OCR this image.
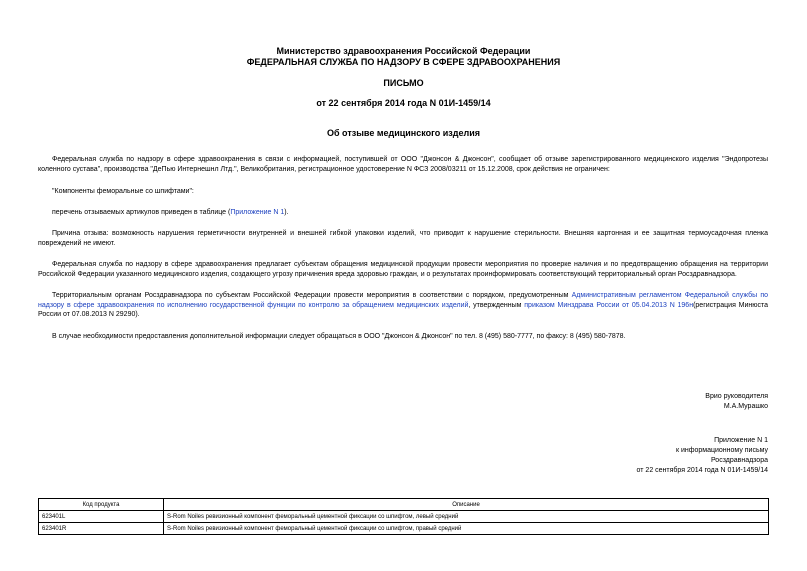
Министерство здравоохранения Российской Федерации
ФЕДЕРАЛЬНАЯ СЛУЖБА ПО НАДЗОРУ В СФЕРЕ ЗДРАВООХРАНЕНИЯ
ПИСЬМО
от 22 сентября 2014 года N 01И-1459/14
Об отзыве медицинского изделия
Федеральная служба по надзору в сфере здравоохранения в связи с информацией, поступившей от ООО "Джонсон & Джонсон", сообщает об отзыве зарегистрированного медицинского изделия "Эндопротезы коленного сустава", производства "ДеПью Интернешнл Лтд.", Великобритания, регистрационное удостоверение N ФСЗ 2008/03211 от 15.12.2008, срок действия не ограничен:
"Компоненты феморальные со шпифтами":
перечень отзываемых артикулов приведен в таблице (Приложение N 1).
Причина отзыва: возможность нарушения герметичности внутренней и внешней гибкой упаковки изделий, что приводит к нарушение стерильности. Внешняя картонная и ее защитная термоусадочная пленка повреждений не имеют.
Федеральная служба по надзору в сфере здравоохранения предлагает субъектам обращения медицинской продукции провести мероприятия по проверке наличия и по предотвращению обращения на территории Российской Федерации указанного медицинского изделия, создающего угрозу причинения вреда здоровью граждан, и о результатах проинформировать соответствующий территориальный орган Росздравнадзора.
Территориальным органам Росздравнадзора по субъектам Российской Федерации провести мероприятия в соответствии с порядком, предусмотренным Административным регламентом Федеральной службы по надзору в сфере здравоохранения по исполнению государственной функции по контролю за обращением медицинских изделий, утвержденным приказом Минздрава России от 05.04.2013 N 196н(регистрация Минюста России от 07.08.2013 N 29290).
В случае необходимости предоставления дополнительной информации следует обращаться в ООО "Джонсон & Джонсон" по тел. 8 (495) 580-7777, по факсу: 8 (495) 580-7878.
Врио руководителя
М.А.Мурашко
Приложение N 1
к информационному письму
Росздравнадзора
от 22 сентября 2014 года N 01И-1459/14
Код продукта	Описание
623401L	S-Rom Noiles ревизионный компонент феморальный цементной фиксации со шпифтом, левый средний
623401R	S-Rom Noiles ревизионный компонент феморальный цементной фиксации со шпифтом, правый средний
